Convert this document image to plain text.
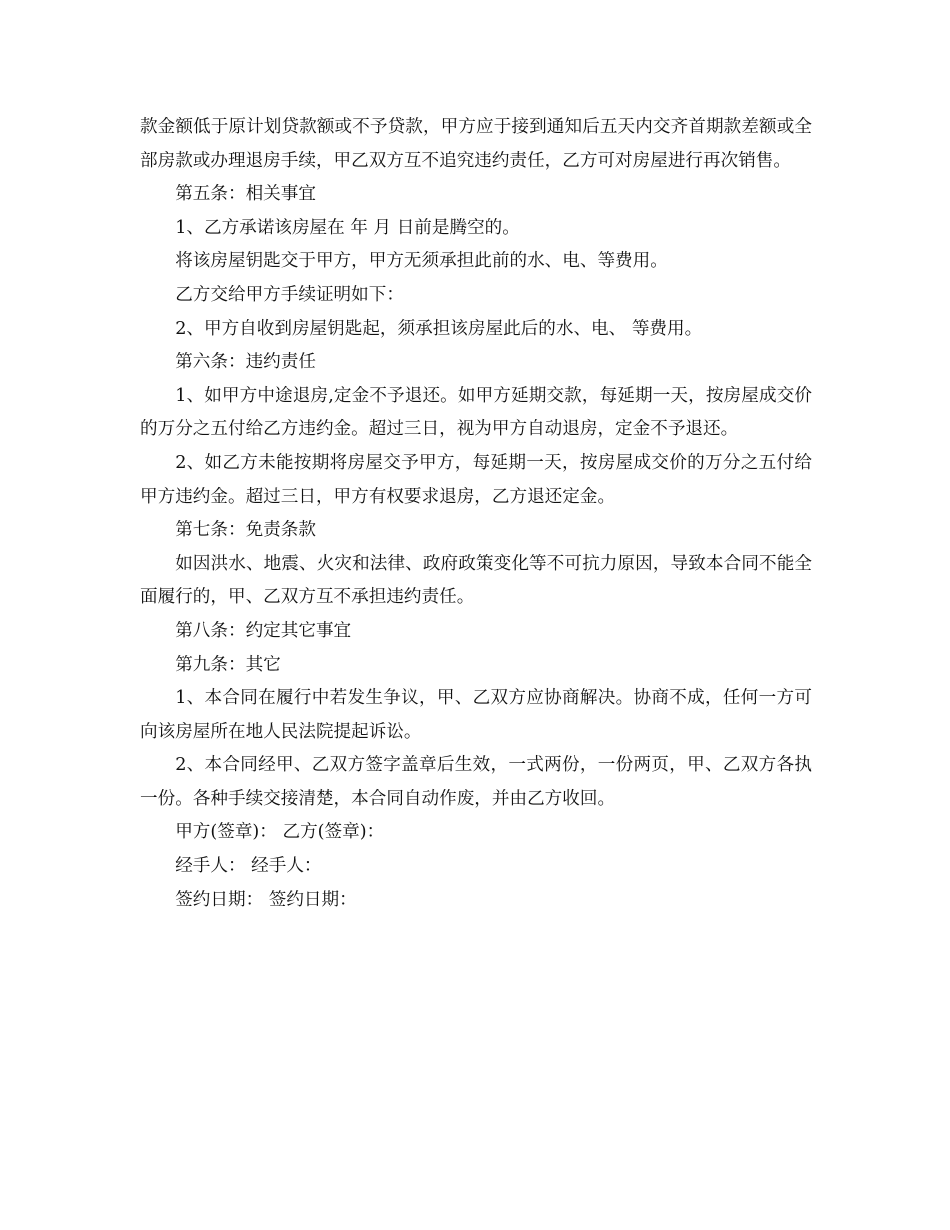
款金额低于原计划贷款额或不予贷款，甲方应于接到通知后五天内交齐首期款差额或全部房款或办理退房手续，甲乙双方互不追究违约责任，乙方可对房屋进行再次销售。

第五条：相关事宜

1、乙方承诺该房屋在 年 月 日前是腾空的。

将该房屋钥匙交于甲方，甲方无须承担此前的水、电、等费用。

乙方交给甲方手续证明如下：

2、甲方自收到房屋钥匙起，须承担该房屋此后的水、电、 等费用。

第六条：违约责任

1、如甲方中途退房,定金不予退还。如甲方延期交款，每延期一天，按房屋成交价的万分之五付给乙方违约金。超过三日，视为甲方自动退房，定金不予退还。

2、如乙方未能按期将房屋交予甲方，每延期一天，按房屋成交价的万分之五付给甲方违约金。超过三日，甲方有权要求退房，乙方退还定金。

第七条：免责条款

如因洪水、地震、火灾和法律、政府政策变化等不可抗力原因，导致本合同不能全面履行的，甲、乙双方互不承担违约责任。

第八条：约定其它事宜

第九条：其它

1、本合同在履行中若发生争议，甲、乙双方应协商解决。协商不成，任何一方可向该房屋所在地人民法院提起诉讼。

2、本合同经甲、乙双方签字盖章后生效，一式两份，一份两页，甲、乙双方各执一份。各种手续交接清楚，本合同自动作废，并由乙方收回。

甲方(签章)： 乙方(签章)：

经手人： 经手人：

签约日期： 签约日期：
